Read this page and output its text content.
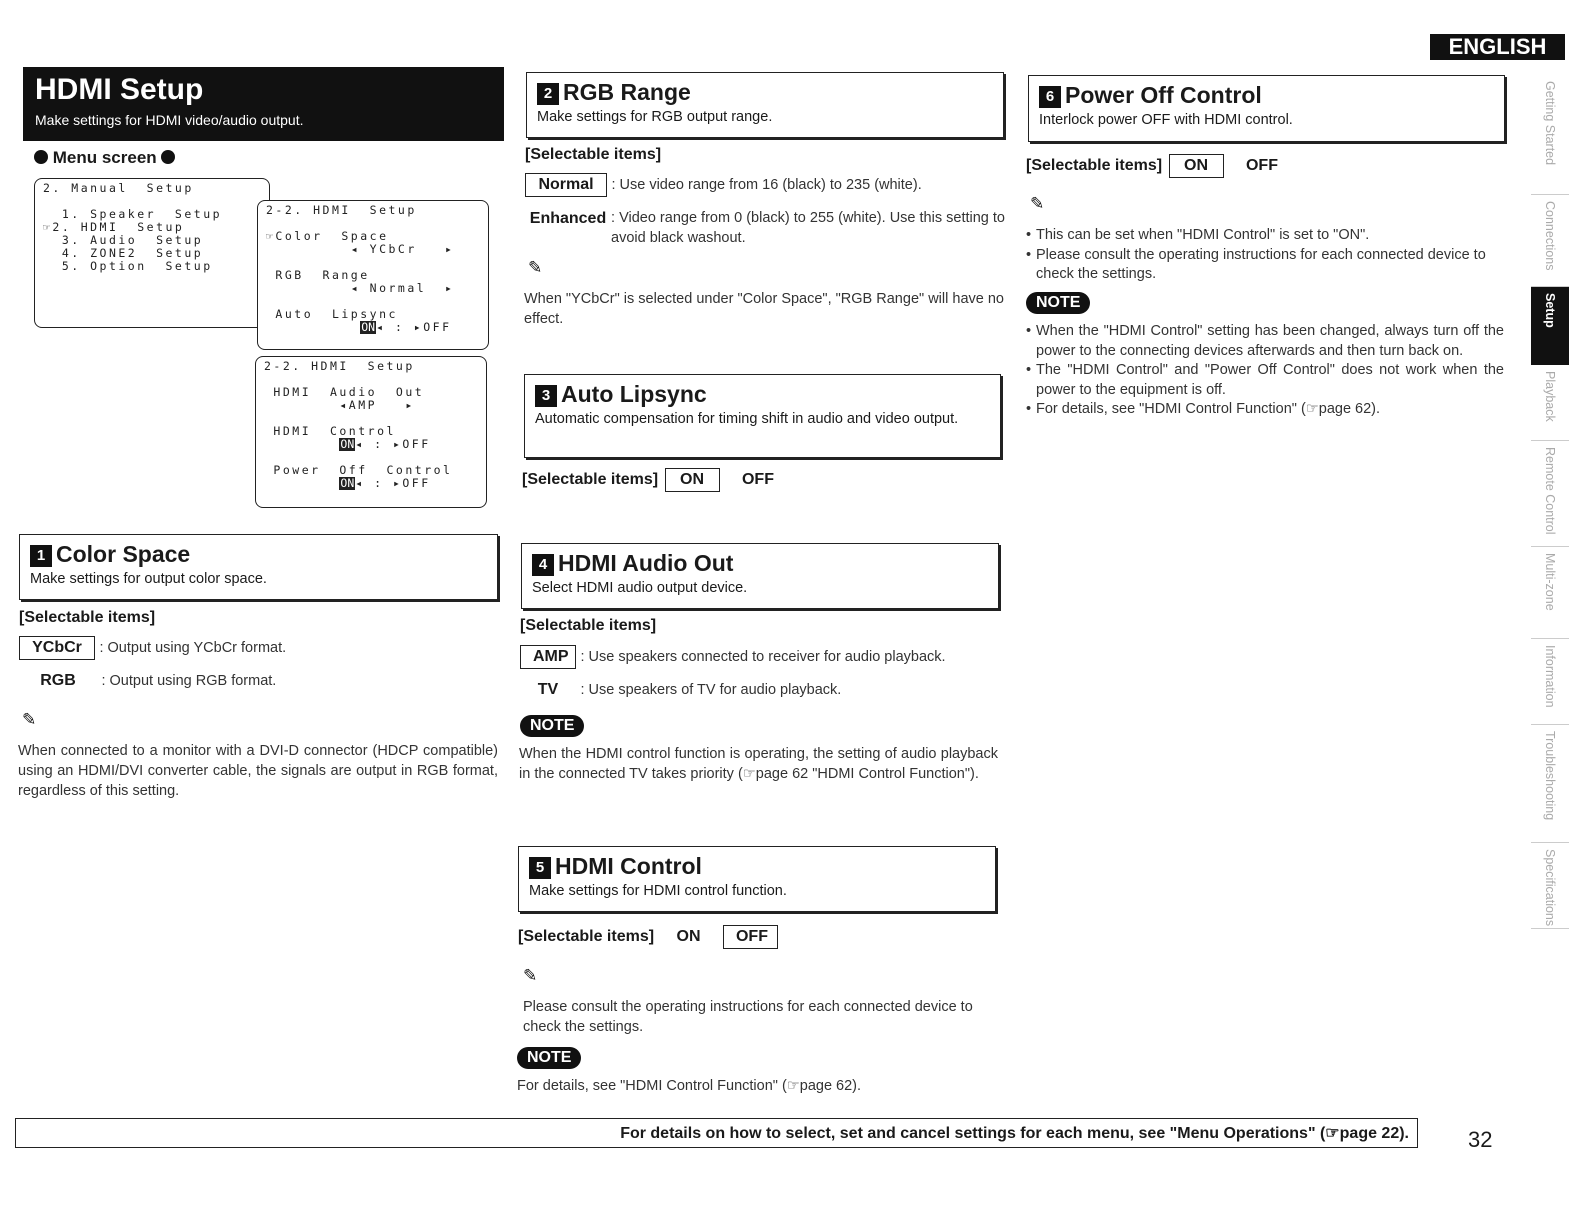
ENGLISH
HDMI Setup
Make settings for HDMI video/audio output.
Menu screen
2. Manual  Setup
1. Speaker  Setup
☞2. HDMI  Setup
3. Audio  Setup
4. ZONE2  Setup
5. Option  Setup
2-2. HDMI  Setup
☞Color  Space
◂ YCbCr   ▸
RGB  Range
◂ Normal  ▸
Auto  Lipsync
ON◂ : ▸OFF
2-2. HDMI  Setup
HDMI  Audio  Out
◂AMP   ▸
HDMI  Control
ON◂ : ▸OFF
Power  Off  Control
ON◂ : ▸OFF
1 Color Space
Make settings for output color space.
[Selectable items]
YCbCr : Output using YCbCr format.
RGB : Output using RGB format.
✎
When connected to a monitor with a DVI-D connector (HDCP compatible) using an HDMI/DVI converter cable, the signals are output in RGB format, regardless of this setting.
2 RGB Range
Make settings for RGB output range.
[Selectable items]
Normal : Use video range from 16 (black) to 235 (white).
Enhanced : Video range from 0 (black) to 255 (white). Use this setting to avoid black washout.
✎
When "YCbCr" is selected under "Color Space", "RGB Range" will have no effect.
3 Auto Lipsync
Automatic compensation for timing shift in audio and video output.
[Selectable items] ON OFF
4 HDMI Audio Out
Select HDMI audio output device.
[Selectable items]
AMP : Use speakers connected to receiver for audio playback.
TV : Use speakers of TV for audio playback.
NOTE
When the HDMI control function is operating, the setting of audio playback in the connected TV takes priority (☞page 62 "HDMI Control Function").
5 HDMI Control
Make settings for HDMI control function.
[Selectable items] ON OFF
✎
Please consult the operating instructions for each connected device to check the settings.
NOTE
For details, see "HDMI Control Function" (☞page 62).
6 Power Off Control
Interlock power OFF with HDMI control.
[Selectable items] ON OFF
✎
• This can be set when "HDMI Control" is set to "ON".
• Please consult the operating instructions for each connected device to check the settings.
NOTE
• When the "HDMI Control" setting has been changed, always turn off the power to the connecting devices afterwards and then turn back on.
• The "HDMI Control" and "Power Off Control" does not work when the power to the equipment is off.
• For details, see "HDMI Control Function" (☞page 62).
Getting Started
Connections
Setup
Playback
Remote Control
Multi-zone
Information
Troubleshooting
Specifications
For details on how to select, set and cancel settings for each menu, see "Menu Operations" (☞page 22).	32
